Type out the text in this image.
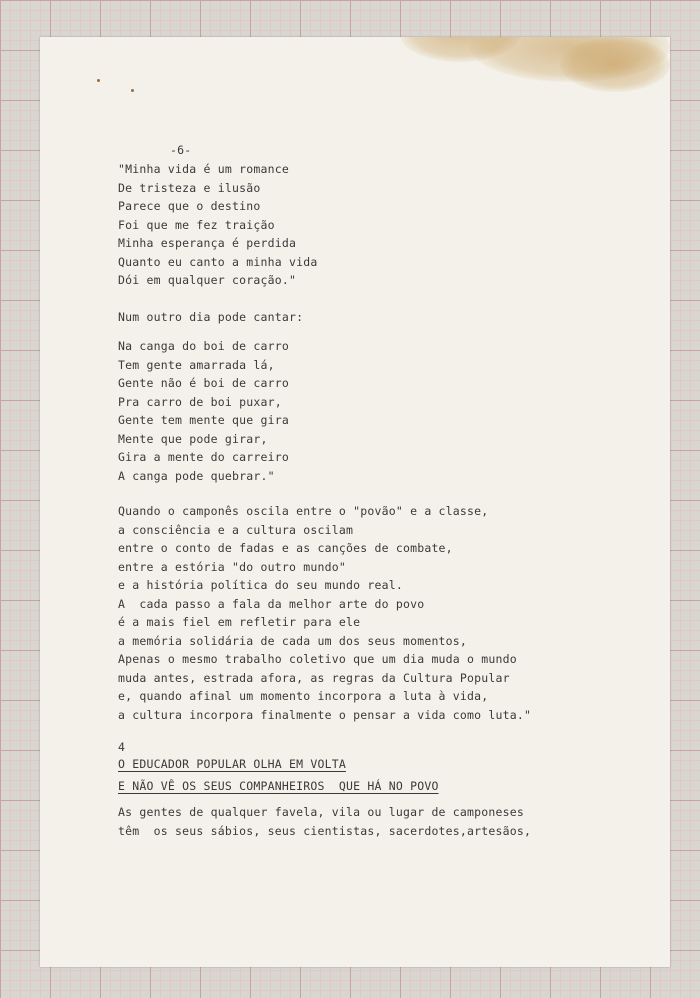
-6-
"Minha vida é um romance
De tristeza e ilusão
Parece que o destino
Foi que me fez traição
Minha esperança é perdida
Quanto eu canto a minha vida
Dói em qualquer coração."
Num outro dia pode cantar:
Na canga do boi de carro
Tem gente amarrada lá,
Gente não é boi de carro
Pra carro de boi puxar,
Gente tem mente que gira
Mente que pode girar,
Gira a mente do carreiro
A canga pode quebrar."
Quando o camponês oscila entre o "povão" e a classe,
a consciência e a cultura oscilam
entre o conto de fadas e as canções de combate,
entre a estória "do outro mundo"
e a história política do seu mundo real.
A  cada passo a fala da melhor arte do povo
é a mais fiel em refletir para ele
a memória solidária de cada um dos seus momentos,
Apenas o mesmo trabalho coletivo que um dia muda o mundo
muda antes, estrada afora, as regras da Cultura Popular
e, quando afinal um momento incorpora a luta à vida,
a cultura incorpora finalmente o pensar a vida como luta."
4
O EDUCADOR POPULAR OLHA EM VOLTA
E NÃO VÊ OS SEUS COMPANHEIROS  QUE HÁ NO POVO
As gentes de qualquer favela, vila ou lugar de camponeses
têm  os seus sábios, seus cientistas, sacerdotes,artesãos,
